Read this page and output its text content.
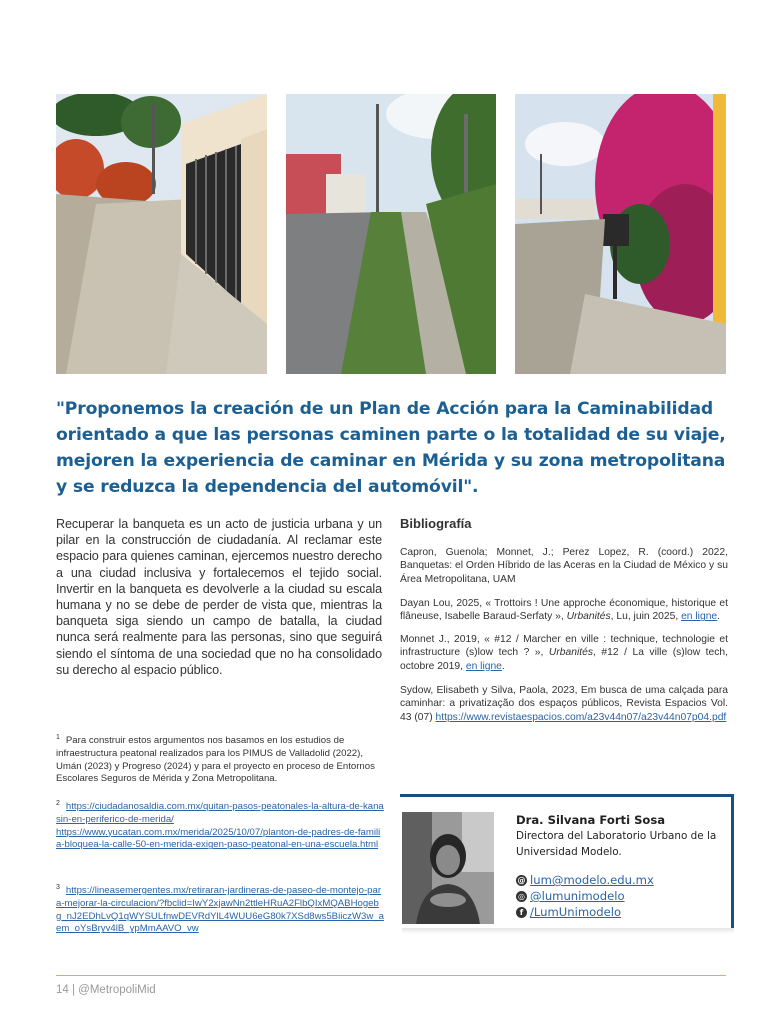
"Proponemos la creación de un Plan de Acción para la Caminabilidad orientado a que las personas caminen parte o la totalidad de su viaje, mejoren la experiencia de caminar en Mérida y su zona metropolitana y se reduzca la dependencia del automóvil".

Recuperar la banqueta es un acto de justicia urbana y un pilar en la construcción de ciudadanía. Al reclamar este espacio para quienes caminan, ejercemos nuestro derecho a una ciudad inclusiva y fortalecemos el tejido social. Invertir en la banqueta es devolverle a la ciudad su escala humana y no se debe de perder de vista que, mientras la banqueta siga siendo un campo de batalla, la ciudad nunca será realmente para las personas, sino que seguirá siendo el síntoma de una sociedad que no ha consolidado su derecho al espacio público.

$^1$ Para construir estos argumentos nos basamos en los estudios de infraestructura peatonal realizados para los PIMUS de Valladolid (2022), Umán (2023) y Progreso (2024) y para el proyecto en proceso de Entornos Escolares Seguros de Mérida y Zona Metropolitana.

$^2$ https://ciudadanosaldia.com.mx/quitan-pasos-peatonales-la-altura-de-kanasin-en-periferico-de-merida/
https://www.yucatan.com.mx/merida/2025/10/07/planton-de-padres-de-familia-bloquea-la-calle-50-en-merida-exigen-paso-peatonal-en-una-escuela.html

$^3$ https://lineasemergentes.mx/retiraran-jardineras-de-paseo-de-montejo-para-mejorar-la-circulacion/?fbclid=IwY2xjawNn2ttleHRuA2FlbQIxMQABHogebg_nJ2EDhLvQ1qWYSULfnwDEVRdYlL4WUU6eG80k7XSd8ws5BiiczW3w_aem_oYsBryv4lB_ypMmAAVO_vw

Bibliografía

Capron, Guenola; Monnet, J.; Perez Lopez, R. (coord.) 2022, Banquetas: el Orden Híbrido de las Aceras en la Ciudad de México y su Área Metropolitana, UAM

Dayan Lou, 2025, « Trottoirs ! Une approche économique, historique et flâneuse, Isabelle Baraud-Serfaty », Urbanités, Lu, juin 2025, en ligne.

Monnet J., 2019, « #12 / Marcher en ville : technique, technologie et infrastructure (s)low tech ? », Urbanités, #12 / La ville (s)low tech, octobre 2019, en ligne.

Sydow, Elisabeth y Silva, Paola, 2023, Em busca de uma calçada para caminhar: a privatização dos espaços públicos, Revista Espacios Vol. 43 (07) https://www.revistaespacios.com/a23v44n07/a23v44n07p04.pdf

Dra. Silvana Forti Sosa

Directora del Laboratorio Urbano de la Universidad Modelo.

@ lum@modelo.edu.mx
◎ @lumunimodelo
f /LumUnimodelo

14 | @MetropoliMid
